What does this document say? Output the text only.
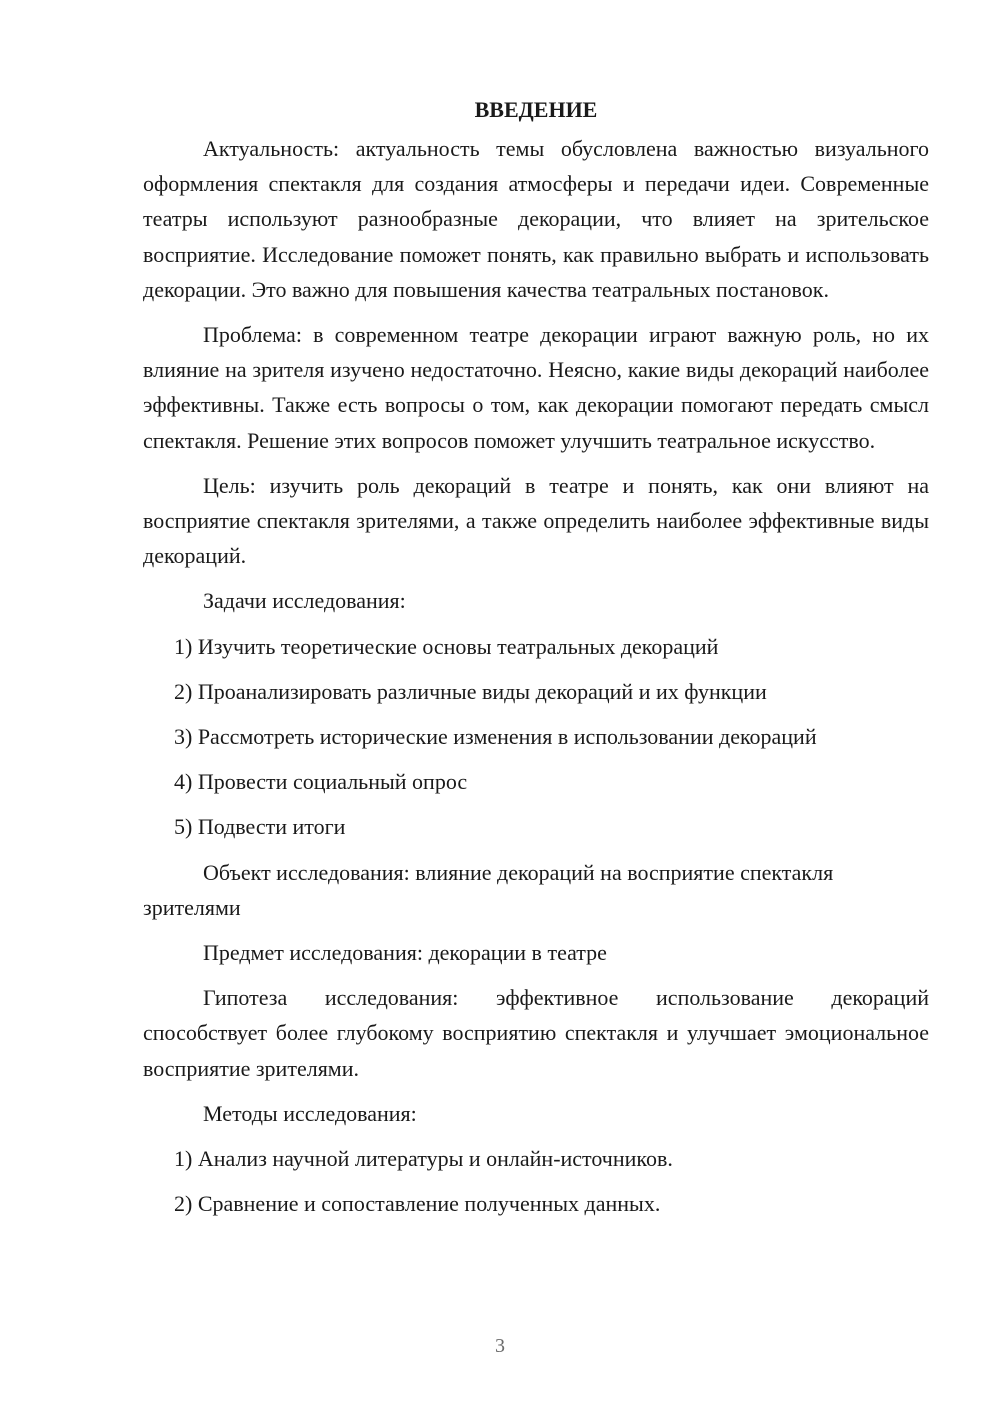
ВВЕДЕНИЕ

Актуальность: актуальность темы обусловлена важностью визуального оформления спектакля для создания атмосферы и передачи идеи. Современные театры используют разнообразные декорации, что влияет на зрительское восприятие. Исследование поможет понять, как правильно выбрать и использовать декорации. Это важно для повышения качества театральных постановок.

Проблема: в современном театре декорации играют важную роль, но их влияние на зрителя изучено недостаточно. Неясно, какие виды декораций наиболее эффективны. Также есть вопросы о том, как декорации помогают передать смысл спектакля. Решение этих вопросов поможет улучшить театральное искусство.

Цель: изучить роль декораций в театре и понять, как они влияют на восприятие спектакля зрителями, а также определить наиболее эффективные виды декораций.

Задачи исследования:

1) Изучить теоретические основы театральных декораций
2) Проанализировать различные виды декораций и их функции
3) Рассмотреть исторические изменения в использовании декораций
4) Провести социальный опрос
5) Подвести итоги

Объект исследования: влияние декораций на восприятие спектакля зрителями

Предмет исследования: декорации в театре

Гипотеза исследования: эффективное использование декораций способствует более глубокому восприятию спектакля и улучшает эмоциональное восприятие зрителями.

Методы исследования:

1) Анализ научной литературы и онлайн-источников.
2) Сравнение и сопоставление полученных данных.
3
